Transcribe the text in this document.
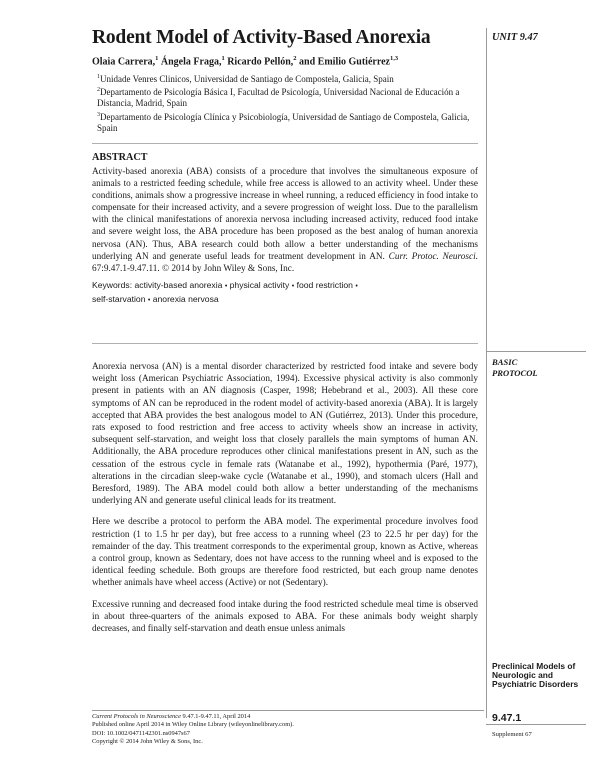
Rodent Model of Activity-Based Anorexia	UNIT 9.47
Olaia Carrera,$^1$ Ángela Fraga,$^1$ Ricardo Pellón,$^2$ and Emilio Gutiérrez$^{1,3}$
$^1$Unidade Venres Clinicos, Universidad de Santiago de Compostela, Galicia, Spain
$^2$Departamento de Psicología Básica I, Facultad de Psicología, Universidad Nacional de Educación a Distancia, Madrid, Spain
$^3$Departamento de Psicología Clínica y Psicobiología, Universidad de Santiago de Compostela, Galicia, Spain
ABSTRACT
Activity-based anorexia (ABA) consists of a procedure that involves the simultaneous exposure of animals to a restricted feeding schedule, while free access is allowed to an activity wheel. Under these conditions, animals show a progressive increase in wheel running, a reduced efficiency in food intake to compensate for their increased activity, and a severe progression of weight loss. Due to the parallelism with the clinical manifestations of anorexia nervosa including increased activity, reduced food intake and severe weight loss, the ABA procedure has been proposed as the best analog of human anorexia nervosa (AN). Thus, ABA research could both allow a better understanding of the mechanisms underlying AN and generate useful leads for treatment development in AN. Curr. Protoc. Neurosci. 67:9.47.1-9.47.11. © 2014 by John Wiley & Sons, Inc.
Keywords: activity-based anorexia • physical activity • food restriction •
self-starvation • anorexia nervosa
BASIC PROTOCOL

Anorexia nervosa (AN) is a mental disorder characterized by restricted food intake and severe body weight loss (American Psychiatric Association, 1994). Excessive physical activity is also commonly present in patients with an AN diagnosis (Casper, 1998; Hebebrand et al., 2003). All these core symptoms of AN can be reproduced in the rodent model of activity-based anorexia (ABA). It is largely accepted that ABA provides the best analogous model to AN (Gutiérrez, 2013). Under this procedure, rats exposed to food restriction and free access to activity wheels show an increase in activity, subsequent self-starvation, and weight loss that closely parallels the main symptoms of human AN. Additionally, the ABA procedure reproduces other clinical manifestations present in AN, such as the cessation of the estrous cycle in female rats (Watanabe et al., 1992), hypothermia (Paré, 1977), alterations in the circadian sleep-wake cycle (Watanabe et al., 1990), and stomach ulcers (Hall and Beresford, 1989). The ABA model could both allow a better understanding of the mechanisms underlying AN and generate useful clinical leads for its treatment.

Here we describe a protocol to perform the ABA model. The experimental procedure involves food restriction (1 to 1.5 hr per day), but free access to a running wheel (23 to 22.5 hr per day) for the remainder of the day. This treatment corresponds to the experimental group, known as Active, whereas a control group, known as Sedentary, does not have access to the running wheel and is exposed to the identical feeding schedule. Both groups are therefore food restricted, but each group name denotes whether animals have wheel access (Active) or not (Sedentary).

Excessive running and decreased food intake during the food restricted schedule meal time is observed in about three-quarters of the animals exposed to ABA. For these animals body weight sharply decreases, and finally self-starvation and death ensue unless animals

Preclinical Models of Neurologic and Psychiatric Disorders
Current Protocols in Neuroscience 9.47.1-9.47.11, April 2014
Published online April 2014 in Wiley Online Library (wileyonlinelibrary.com).
DOI: 10.1002/0471142301.ns0947s67
Copyright © 2014 John Wiley & Sons, Inc.
9.47.1
Supplement 67
